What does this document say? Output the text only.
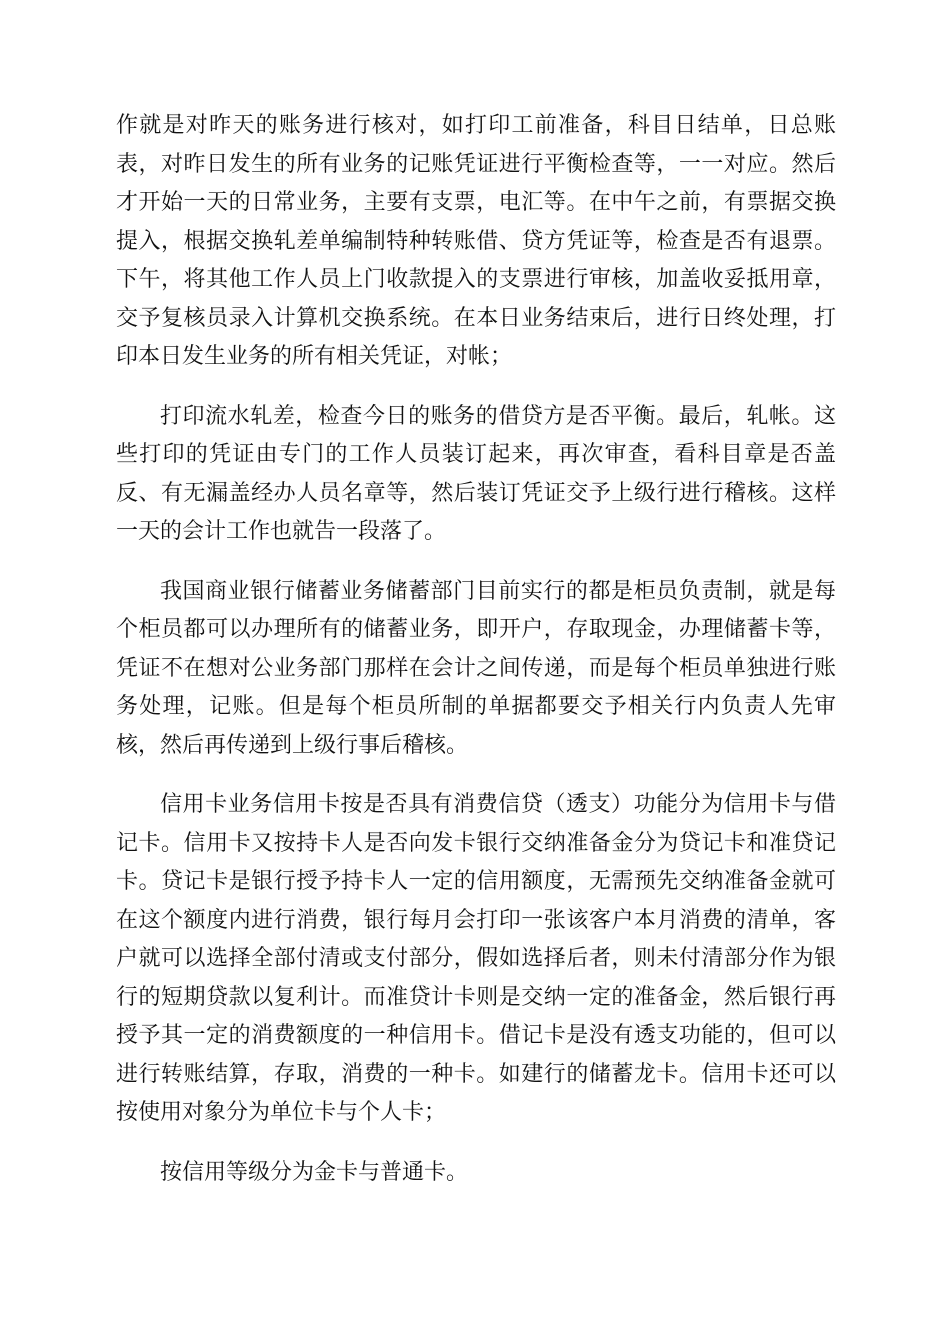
作就是对昨天的账务进行核对，如打印工前准备，科目日结单，日总账表，对昨日发生的所有业务的记账凭证进行平衡检查等，一一对应。然后才开始一天的日常业务，主要有支票，电汇等。在中午之前，有票据交换提入，根据交换轧差单编制特种转账借、贷方凭证等，检查是否有退票。下午，将其他工作人员上门收款提入的支票进行审核，加盖收妥抵用章，交予复核员录入计算机交换系统。在本日业务结束后，进行日终处理，打印本日发生业务的所有相关凭证，对帐；

打印流水轧差，检查今日的账务的借贷方是否平衡。最后，轧帐。这些打印的凭证由专门的工作人员装订起来，再次审查，看科目章是否盖反、有无漏盖经办人员名章等，然后装订凭证交予上级行进行稽核。这样一天的会计工作也就告一段落了。

我国商业银行储蓄业务储蓄部门目前实行的都是柜员负责制，就是每个柜员都可以办理所有的储蓄业务，即开户，存取现金，办理储蓄卡等，凭证不在想对公业务部门那样在会计之间传递，而是每个柜员单独进行账务处理，记账。但是每个柜员所制的单据都要交予相关行内负责人先审核，然后再传递到上级行事后稽核。

信用卡业务信用卡按是否具有消费信贷（透支）功能分为信用卡与借记卡。信用卡又按持卡人是否向发卡银行交纳准备金分为贷记卡和准贷记卡。贷记卡是银行授予持卡人一定的信用额度，无需预先交纳准备金就可在这个额度内进行消费，银行每月会打印一张该客户本月消费的清单，客户就可以选择全部付清或支付部分，假如选择后者，则未付清部分作为银行的短期贷款以复利计。而准贷计卡则是交纳一定的准备金，然后银行再授予其一定的消费额度的一种信用卡。借记卡是没有透支功能的，但可以进行转账结算，存取，消费的一种卡。如建行的储蓄龙卡。信用卡还可以按使用对象分为单位卡与个人卡；

按信用等级分为金卡与普通卡。
